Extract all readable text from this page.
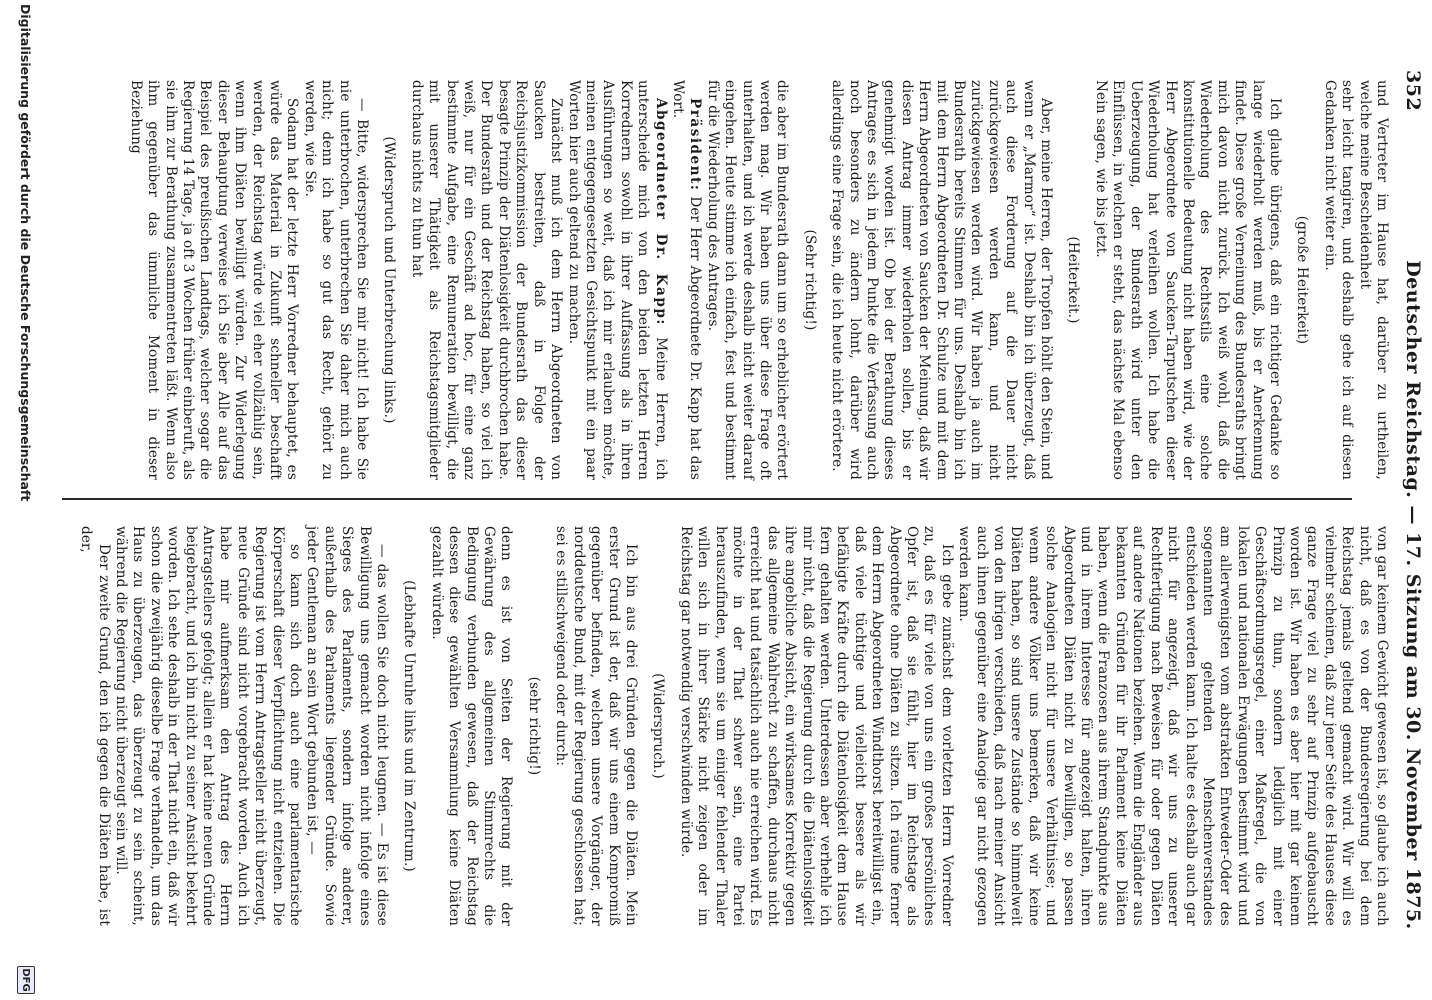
352
Deutscher Reichstag. — 17. Sitzung am 30. November 1875.
und Vertreter im Hause hat, darüber zu urtheilen, welche meine Bescheidenheit
sehr leicht tangiren, und deshalb gehe ich auf diesen Gedanken nicht weiter ein.
(große Heiterkeit)
Ich glaube übrigens, daß ein richtiger Gedanke so lange wiederholt werden muß, bis er Anerkennung findet. Diese große Verneinung des Bundesraths bringt mich davon nicht zurück. Ich weiß wohl, daß die Wiederholung des Rechtsstils eine solche konstitutionelle Bedeutung nicht haben wird, wie der Herr Abgeordnete von Saucken-Tarputschen dieser Wiederholung hat verleihen wollen. Ich habe die Ueberzeugung, der Bundesrath wird unter den Einflüssen, in welchen er steht, das nächste Mal ebenso Nein sagen, wie bis jetzt.
(Heiterkeit.)
Aber, meine Herren, der Tropfen höhlt den Stein, und wenn er „Marmor“ ist. Deshalb bin ich überzeugt, daß auch diese Forderung auf die Dauer nicht zurückgewiesen werden kann, und nicht zurückgewiesen werden wird. Wir haben ja auch im Bundesrath bereits Stimmen für uns. Deshalb bin ich mit dem Herrn Abgeordneten Dr. Schulze und mit dem Herrn Abgeordneten von Saucken der Meinung, daß wir diesen Antrag immer wiederholen sollen, bis er genehmigt worden ist. Ob bei der Berathung dieses Antrages es sich in jedem Punkte die Verfassung auch noch besonders zu ändern lohnt, darüber wird allerdings eine Frage sein, die ich heute nicht erörtere.
(Sehr richtig!)
die aber im Bundesrath dann um so erheblicher erörtert werden mag. Wir haben uns über diese Frage oft unterhalten, und ich werde deshalb nicht weiter darauf eingehen. Heute stimme ich einfach, fest und bestimmt für die Wiederholung des Antrages.
Präsident: Der Herr Abgeordnete Dr. Kapp hat das Wort.
Abgeordneter Dr. Kapp: Meine Herren, ich unterscheide mich von den beiden letzten Herren Korrednern sowohl in ihrer Auffassung als in ihren Ausführungen so weit, daß ich mir erlauben möchte, meinen entgegengesetzten Gesichtspunkt mit ein paar Worten hier auch geltend zu machen.
Zunächst muß ich dem Herrn Abgeordneten von Saucken bestreiten, daß in Folge der Reichsjustizkommission der Bundesrath das dieser besagte Prinzip der Diätenlosigkeit durchbrochen habe. Der Bundesrath und der Reichstag haben, so viel ich weiß, nur für ein Geschäft ad hoc, für eine ganz bestimmte Aufgabe, eine Remuneration bewilligt, die mit unserer Thätigkeit als Reichstagsmitglieder durchaus nichts zu thun hat
(Widerspruch und Unterbrechung links.)
— Bitte, widersprechen Sie mir nicht! Ich habe Sie nie unterbrochen, unterbrechen Sie daher mich auch nicht; denn ich habe so gut das Recht, gehört zu werden, wie Sie.
Sodann hat der letzte Herr Vorredner behauptet, es würde das Material in Zukunft schneller beschafft werden, der Reichstag würde viel eher vollzählig sein, wenn ihm Diäten bewilligt würden. Zur Widerlegung dieser Behauptung verweise ich Sie aber Alle auf das Beispiel des preußischen Landtags, welcher sogar die Regierung 14 Tage, ja oft 3 Wochen früher einberuft, als sie ihm zur Berathung zusammentreten läßt. Wenn also ihm gegenüber das ümmliche Moment in dieser Beziehung
von gar keinem Gewicht gewesen ist, so glaube ich auch nicht, daß es von der Bundesregierung bei dem Reichstag jemals geltend gemacht wird. Wir will es vielmehr scheinen, daß zur jener Seite des Hauses diese ganze Frage viel zu sehr auf Prinzip aufgebauscht worden ist. Wir haben es aber hier mit gar keinem Prinzip zu thun, sondern lediglich mit einer Geschäftsordnungsregel, einer Maßregel, die von lokalen und nationalen Erwägungen bestimmt wird und am allerwenigsten vom abstrakten Entweder-Oder des sogenannten geltenden Menschenverstandes entschieden werden kann. Ich halte es deshalb auch gar nicht für angezeigt, daß wir uns zu unserer Rechtfertigung nach Beweisen für oder gegen Diäten auf andere Nationen beziehen. Wenn die Engländer aus bekannten Gründen für ihr Parlament keine Diäten haben, wenn die Franzosen aus ihrem Standpunkte aus und in ihrem Interesse für angezeigt halten, ihren Abgeordneten Diäten nicht zu bewilligen, so passen solche Analogien nicht für unsere Verhältnisse; und wenn andere Völker uns bemerken, daß wir keine Diäten haben, so sind unsere Zustände so himmelweit von den ihrigen verschieden, daß nach meiner Ansicht auch ihnen gegenüber eine Analogie gar nicht gezogen werden kann.
Ich gebe zunächst dem vorletzten Herrn Vorredner zu, daß es für viele von uns ein großes persönliches Opfer ist, daß sie fühlt, hier im Reichstage als Abgeordnete ohne Diäten zu sitzen. Ich räume ferner dem Herrn Abgeordneten Windthorst bereitwilligst ein, daß viele tüchtige und vielleicht bessere als wir befähigte Kräfte durch die Diätenlosigkeit dem Hause fern gehalten werden. Unterdessen aber verhehle ich mir nicht, daß die Regierung durch die Diätenlosigkeit ihre angebliche Absicht, ein wirksames Korrektiv gegen das allgemeine Wahlrecht zu schaffen, durchaus nicht erreicht hat und tatsächlich auch nie erreichen wird. Es möchte in der That schwer sein, eine Partei herauszufinden, wenn sie um einiger fehlender Thaler willen sich in ihrer Stärke nicht zeigen oder im Reichstag gar notwendig verschwinden würde.
(Widerspruch.)
Ich bin aus drei Gründen gegen die Diäten. Mein erster Grund ist der, daß wir uns einem Kompromiß gegenüber befinden, welchen unsere Vorgänger, der norddeutsche Bund, mit der Regierung geschlossen hat; sei es stillschweigend oder durch:
(sehr richtig!)
denn es ist von Seiten der Regierung mit der Gewährung des allgemeinen Stimmrechts die Bedingung verbunden gewesen, daß der Reichstag dessen diese gewählten Versammlung keine Diäten gezahlt würden.
(Lebhafte Unruhe links und im Zentrum.)
— das wollen Sie doch nicht leugnen. — Es ist diese Bewilligung uns gemacht worden nicht infolge eines Sieges des Parlaments, sondern infolge anderer, außerhalb des Parlaments liegender Gründe. Sowie jeder Gentleman an sein Wort gebunden ist, —
so kann sich doch auch eine parlamentarische Körperschaft dieser Verpflichtung nicht entziehen. Die Regierung ist vom Herrn Antragsteller nicht überzeugt, neue Gründe sind nicht vorgebracht worden. Auch ich habe mir aufmerksam den Antrag des Herrn Antragstellers gefolgt; allein er hat keine neuen Gründe beigebracht, und ich bin nicht zu seiner Ansicht bekehrt worden. Ich sehe deshalb in der That nicht ein, daß wir schon die zweijährig dieselbe Frage verhandeln, um das Haus zu überzeugen, das überzeugt zu sein scheint, während die Regierung nicht überzeugt sein will.
Der zweite Grund, den ich gegen die Diäten habe, ist der,
Digitalisierung gefördert durch die Deutsche Forschungsgemeinschaft
DFG
